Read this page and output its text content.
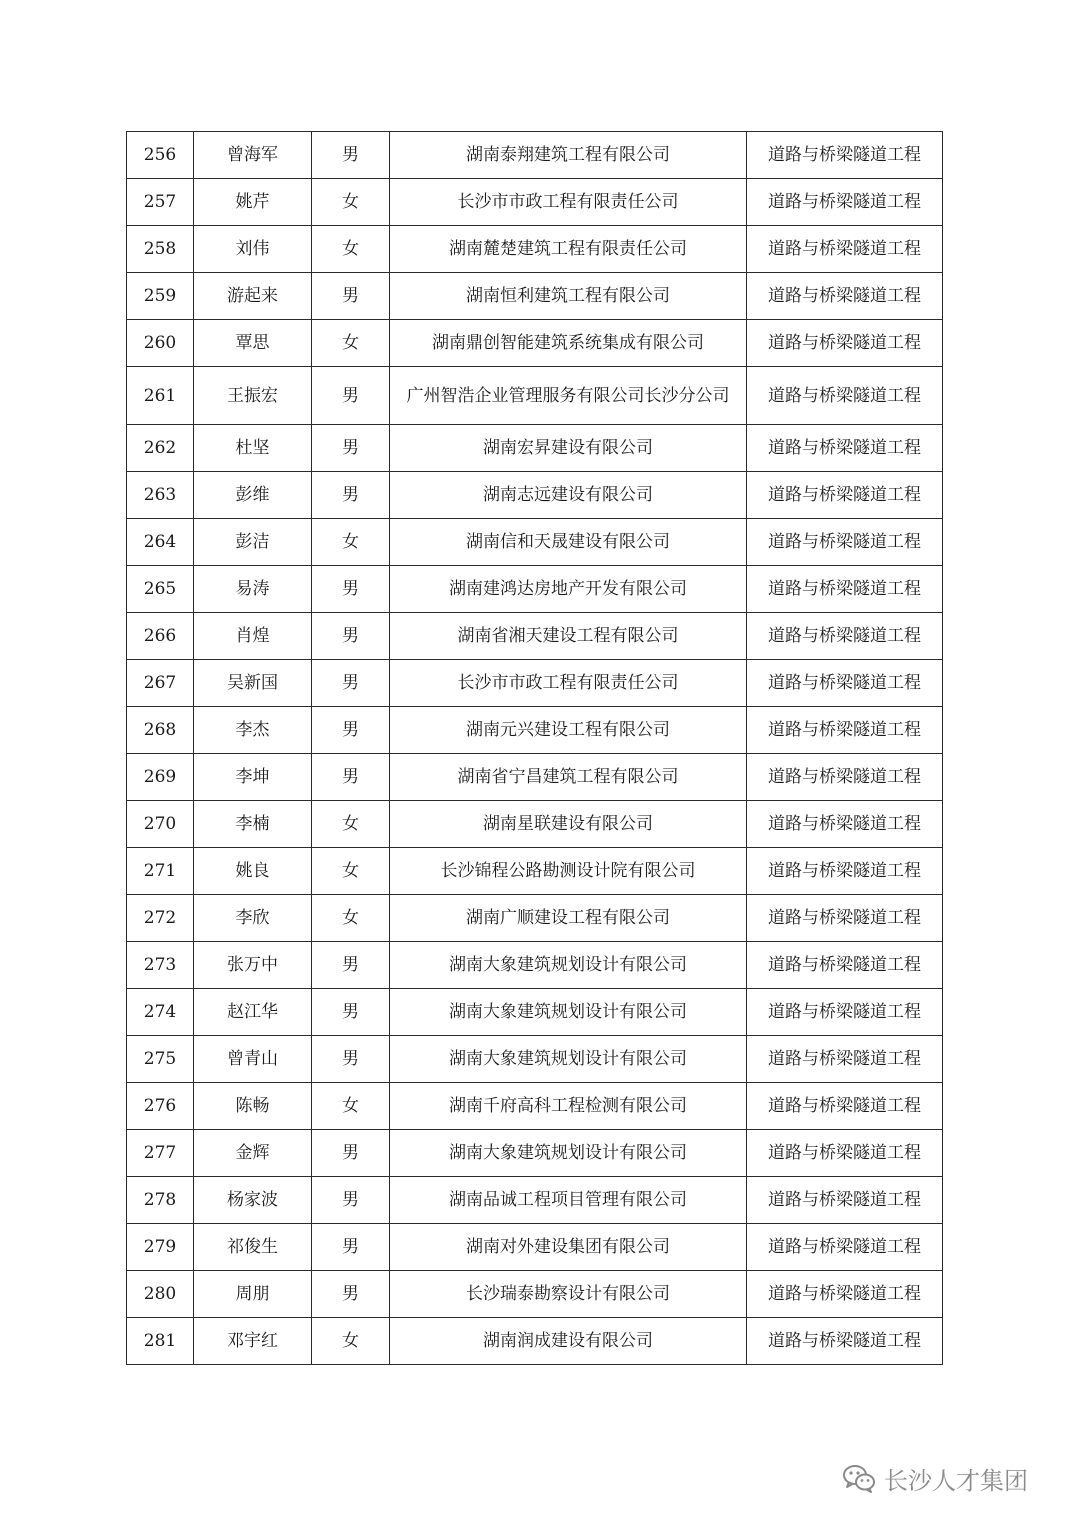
256	曾海军	男	湖南泰翔建筑工程有限公司	道路与桥梁隧道工程
257	姚芹	女	长沙市市政工程有限责任公司	道路与桥梁隧道工程
258	刘伟	女	湖南麓楚建筑工程有限责任公司	道路与桥梁隧道工程
259	游起来	男	湖南恒利建筑工程有限公司	道路与桥梁隧道工程
260	覃思	女	湖南鼎创智能建筑系统集成有限公司	道路与桥梁隧道工程
261	王振宏	男	广州智浩企业管理服务有限公司长沙分公司	道路与桥梁隧道工程
262	杜坚	男	湖南宏昇建设有限公司	道路与桥梁隧道工程
263	彭维	男	湖南志远建设有限公司	道路与桥梁隧道工程
264	彭洁	女	湖南信和天晟建设有限公司	道路与桥梁隧道工程
265	易涛	男	湖南建鸿达房地产开发有限公司	道路与桥梁隧道工程
266	肖煌	男	湖南省湘天建设工程有限公司	道路与桥梁隧道工程
267	吴新国	男	长沙市市政工程有限责任公司	道路与桥梁隧道工程
268	李杰	男	湖南元兴建设工程有限公司	道路与桥梁隧道工程
269	李坤	男	湖南省宁昌建筑工程有限公司	道路与桥梁隧道工程
270	李楠	女	湖南星联建设有限公司	道路与桥梁隧道工程
271	姚良	女	长沙锦程公路勘测设计院有限公司	道路与桥梁隧道工程
272	李欣	女	湖南广顺建设工程有限公司	道路与桥梁隧道工程
273	张万中	男	湖南大象建筑规划设计有限公司	道路与桥梁隧道工程
274	赵江华	男	湖南大象建筑规划设计有限公司	道路与桥梁隧道工程
275	曾青山	男	湖南大象建筑规划设计有限公司	道路与桥梁隧道工程
276	陈畅	女	湖南千府高科工程检测有限公司	道路与桥梁隧道工程
277	金辉	男	湖南大象建筑规划设计有限公司	道路与桥梁隧道工程
278	杨家波	男	湖南品诚工程项目管理有限公司	道路与桥梁隧道工程
279	祁俊生	男	湖南对外建设集团有限公司	道路与桥梁隧道工程
280	周朋	男	长沙瑞泰勘察设计有限公司	道路与桥梁隧道工程
281	邓宇红	女	湖南润成建设有限公司	道路与桥梁隧道工程
长沙人才集团
